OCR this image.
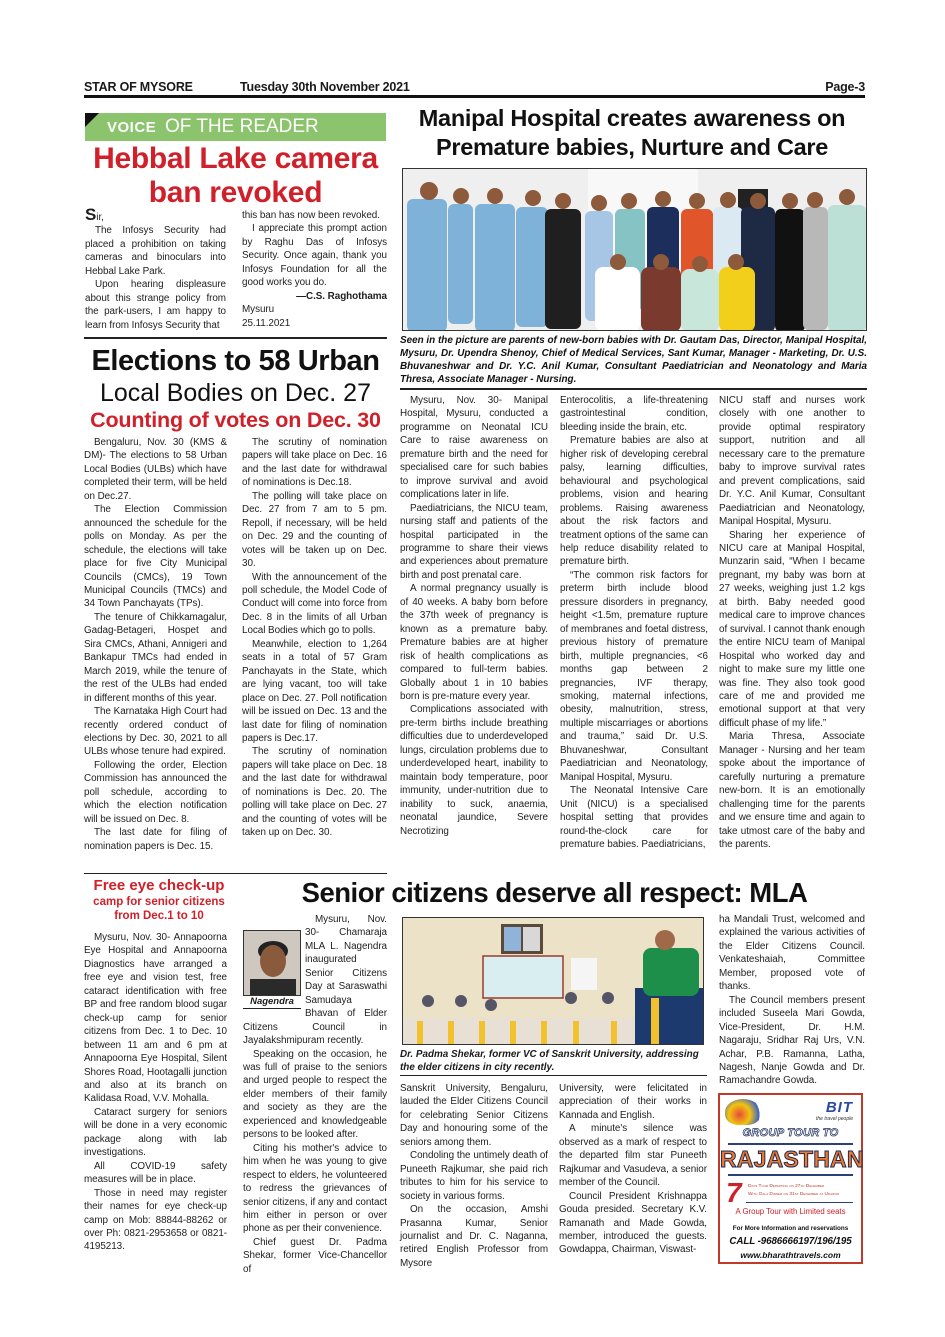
STAR OF MYSORE	Tuesday 30th November 2021	Page-3
VOICE OF THE READER
Hebbal Lake camera
ban revoked

Sir,

The Infosys Security had placed a prohibition on taking cameras and binoculars into Hebbal Lake Park.

Upon hearing displeasure about this strange policy from the park-users, I am happy to learn from Infosys Security that

this ban has now been revoked.

I appreciate this prompt action by Raghu Das of Infosys Security. Once again, thank you Infosys Foundation for all the good works you do.

—C.S. Raghothama

Mysuru

25.11.2021

Elections to 58 Urban
Local Bodies on Dec. 27
Counting of votes on Dec. 30

Bengaluru, Nov. 30 (KMS & DM)- The elections to 58 Urban Local Bodies (ULBs) which have completed their term, will be held on Dec.27.

The Election Commission announced the schedule for the polls on Monday. As per the schedule, the elections will take place for five City Municipal Councils (CMCs), 19 Town Municipal Councils (TMCs) and 34 Town Panchayats (TPs).

The tenure of Chikkamagalur, Gadag-Betageri, Hospet and Sira CMCs, Athani, Annigeri and Bankapur TMCs had ended in March 2019, while the tenure of the rest of the ULBs had ended in different months of this year.

The Karnataka High Court had recently ordered conduct of elections by Dec. 30, 2021 to all ULBs whose tenure had expired.

Following the order, Election Commission has announced the poll schedule, according to which the election notification will be issued on Dec. 8.

The last date for filing of nomination papers is Dec. 15.

The scrutiny of nomination papers will take place on Dec. 16 and the last date for withdrawal of nominations is Dec.18.

The polling will take place on Dec. 27 from 7 am to 5 pm. Repoll, if necessary, will be held on Dec. 29 and the counting of votes will be taken up on Dec. 30.

With the announcement of the poll schedule, the Model Code of Conduct will come into force from Dec. 8 in the limits of all Urban Local Bodies which go to polls.

Meanwhile, election to 1,264 seats in a total of 57 Gram Panchayats in the State, which are lying vacant, too will take place on Dec. 27. Poll notification will be issued on Dec. 13 and the last date for filing of nomination papers is Dec.17.

The scrutiny of nomination papers will take place on Dec. 18 and the last date for withdrawal of nominations is Dec. 20. The polling will take place on Dec. 27 and the counting of votes will be taken up on Dec. 30.

Manipal Hospital creates awareness on
Premature babies, Nurture and Care
Seen in the picture are parents of new-born babies with Dr. Gautam Das, Director, Manipal Hospital, Mysuru, Dr. Upendra Shenoy, Chief of Medical Services, Sant Kumar, Manager - Marketing, Dr. U.S. Bhuvaneshwar and Dr. Y.C. Anil Kumar, Consultant Paediatrician and Neonatology and Maria Thresa, Associate Manager - Nursing.

Mysuru, Nov. 30- Manipal Hospital, Mysuru, conducted a programme on Neonatal ICU Care to raise awareness on premature birth and the need for specialised care for such babies to improve survival and avoid complications later in life.

Paediatricians, the NICU team, nursing staff and patients of the hospital participated in the programme to share their views and experiences about premature birth and post prenatal care.

A normal pregnancy usually is of 40 weeks. A baby born before the 37th week of pregnancy is known as a premature baby. Premature babies are at higher risk of health complications as compared to full-term babies. Globally about 1 in 10 babies born is pre-mature every year.

Complications associated with pre-term births include breathing difficulties due to underdeveloped lungs, circulation problems due to underdeveloped heart, inability to maintain body temperature, poor immunity, under-nutrition due to inability to suck, anaemia, neonatal jaundice, Severe Necrotizing

Enterocolitis, a life-threatening gastrointestinal condition, bleeding inside the brain, etc.

Premature babies are also at higher risk of developing cerebral palsy, learning difficulties, behavioural and psychological problems, vision and hearing problems. Raising awareness about the risk factors and treatment options of the same can help reduce disability related to premature birth.

“The common risk factors for preterm birth include blood pressure disorders in pregnancy, height <1.5m, premature rupture of membranes and foetal distress, previous history of premature birth, multiple pregnancies, <6 months gap between 2 pregnancies, IVF therapy, smoking, maternal infections, obesity, malnutrition, stress, multiple miscarriages or abortions and trauma,” said Dr. U.S. Bhuvaneshwar, Consultant Paediatrician and Neonatology, Manipal Hospital, Mysuru.

The Neonatal Intensive Care Unit (NICU) is a specialised hospital setting that provides round-the-clock care for premature babies. Paediatricians,

NICU staff and nurses work closely with one another to provide optimal respiratory support, nutrition and all necessary care to the premature baby to improve survival rates and prevent complications, said Dr. Y.C. Anil Kumar, Consultant Paediatrician and Neonatology, Manipal Hospital, Mysuru.

Sharing her experience of NICU care at Manipal Hospital, Munzarin said, “When I became pregnant, my baby was born at 27 weeks, weighing just 1.2 kgs at birth. Baby needed good medical care to improve chances of survival. I cannot thank enough the entire NICU team of Manipal Hospital who worked day and night to make sure my little one was fine. They also took good care of me and provided me emotional support at that very difficult phase of my life.”

Maria Thresa, Associate Manager - Nursing and her team spoke about the importance of carefully nurturing a premature new-born. It is an emotionally challenging time for the parents and we ensure time and again to take utmost care of the baby and the parents.

Free eye check-up
camp for senior citizens from Dec.1 to 10

Mysuru, Nov. 30- Annapoorna Eye Hospital and Annapoorna Diagnostics have arranged a free eye and vision test, free cataract identification with free BP and free random blood sugar check-up camp for senior citizens from Dec. 1 to Dec. 10 between 11 am and 6 pm at Annapoorna Eye Hospital, Silent Shores Road, Hootagalli junction and also at its branch on Kalidasa Road, V.V. Mohalla.

Cataract surgery for seniors will be done in a very economic package along with lab investigations.

All COVID-19 safety measures will be in place.

Those in need may register their names for eye check-up camp on Mob: 88844-88262 or over Ph: 0821-2953658 or 0821-4195213.

Senior citizens deserve all respect: MLA
Nagendra

Mysuru, Nov. 30- Chamaraja MLA L. Nagendra inaugurated Senior Citizens Day at Saraswathi Samudaya Bhavan of Elder Citizens Council in Jayalakshmipuram recently.

Speaking on the occasion, he was full of praise to the seniors and urged people to respect the elder members of their family and society as they are the experienced and knowledgeable persons to be looked after.

Citing his mother's advice to him when he was young to give respect to elders, he volunteered to redress the grievances of senior citizens, if any and contact him either in person or over phone as per their convenience.

Chief guest Dr. Padma Shekar, former Vice-Chancellor of

Dr. Padma Shekar, former VC of Sanskrit University, addressing the elder citizens in city recently.

Sanskrit University, Bengaluru, lauded the Elder Citizens Council for celebrating Senior Citizens Day and honouring some of the seniors among them.

Condoling the untimely death of Puneeth Rajkumar, she paid rich tributes to him for his service to society in various forms.

On the occasion, Amshi Prasanna Kumar, Senior journalist and Dr. C. Naganna, retired English Professor from Mysore

University, were felicitated in appreciation of their works in Kannada and English.

A minute's silence was observed as a mark of respect to the departed film star Puneeth Rajkumar and Vasudeva, a senior member of the Council.

Council President Krishnappa Gouda presided. Secretary K.V. Ramanath and Made Gowda, member, introduced the guests. Gowdappa, Chairman, Viswast-

ha Mandali Trust, welcomed and explained the various activities of the Elder Citizens Council. Venkateshaiah, Committee Member, proposed vote of thanks.

The Council members present included Suseela Mari Gowda, Vice-President, Dr. H.M. Nagaraju, Sridhar Raj Urs, V.N. Achar, P.B. Ramanna, Latha, Nagesh, Nanje Gowda and Dr. Ramachandre Gowda.

BIT
the travel people
GROUP TOUR TO
RAJASTHAN
7 Days Tour Departing on 27th December
With Gala Dinner on 31st December at Udaipur
A Group Tour with Limited seats
For More Information and reservations
CALL -9686666197/196/195
www.bharathtravels.com
